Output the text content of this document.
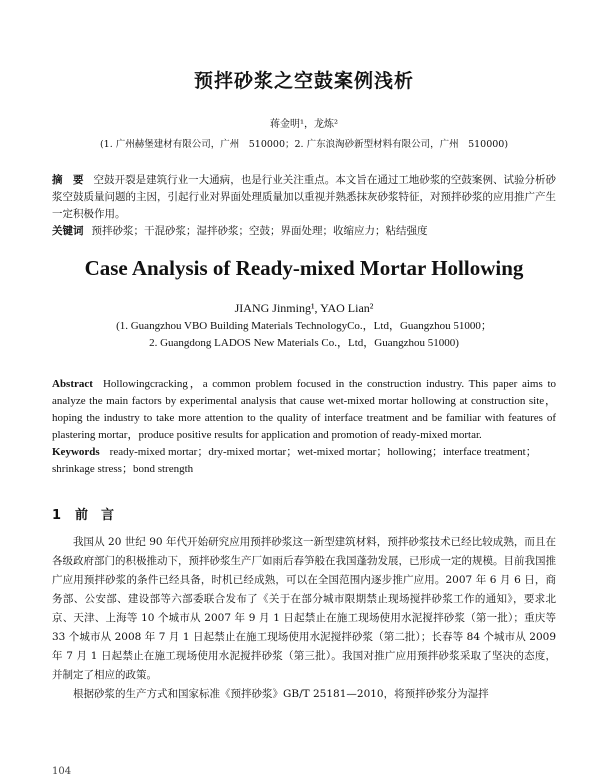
预拌砂浆之空鼓案例浅析
蒋金明¹，龙炼²
(1. 广州赫堡建材有限公司，广州　510000；2. 广东浪淘砂新型材料有限公司，广州　510000)
摘　要 空鼓开裂是建筑行业一大通病，也是行业关注重点。本文旨在通过工地砂浆的空鼓案例、试验分析砂浆空鼓质量问题的主因，引起行业对界面处理质量加以重视并熟悉抹灰砂浆特征，对预拌砂浆的应用推广产生一定积极作用。
关键词 预拌砂浆；干混砂浆；湿拌砂浆；空鼓；界面处理；收缩应力；粘结强度
Case Analysis of Ready-mixed Mortar Hollowing
JIANG Jinming¹, YAO Lian²
(1. Guangzhou VBO Building Materials TechnologyCo.，Ltd，Guangzhou 51000；
2. Guangdong LADOS New Materials Co.，Ltd，Guangzhou 51000)
Abstract Hollowingcracking，a common problem focused in the construction industry. This paper aims to analyze the main factors by experimental analysis that cause wet-mixed mortar hollowing at construction site，hoping the industry to take more attention to the quality of interface treatment and be familiar with features of plastering mortar，produce positive results for application and promotion of ready-mixed mortar.
Keywords ready-mixed mortar；dry-mixed mortar；wet-mixed mortar；hollowing；interface treatment；shrinkage stress；bond strength
1 前　言
我国从 20 世纪 90 年代开始研究应用预拌砂浆这一新型建筑材料，预拌砂浆技术已经比较成熟，而且在各级政府部门的积极推动下，预拌砂浆生产厂如雨后春笋般在我国蓬勃发展，已形成一定的规模。目前我国推广应用预拌砂浆的条件已经具备，时机已经成熟，可以在全国范围内逐步推广应用。2007 年 6 月 6 日，商务部、公安部、建设部等六部委联合发布了《关于在部分城市限期禁止现场搅拌砂浆工作的通知》，要求北京、天津、上海等 10 个城市从 2007 年 9 月 1 日起禁止在施工现场使用水泥搅拌砂浆（第一批）；重庆等 33 个城市从 2008 年 7 月 1 日起禁止在施工现场使用水泥搅拌砂浆（第二批）；长春等 84 个城市从 2009 年 7 月 1 日起禁止在施工现场使用水泥搅拌砂浆（第三批）。我国对推广应用预拌砂浆采取了坚决的态度，并制定了相应的政策。
根据砂浆的生产方式和国家标准《预拌砂浆》GB/T 25181—2010，将预拌砂浆分为湿拌
104
